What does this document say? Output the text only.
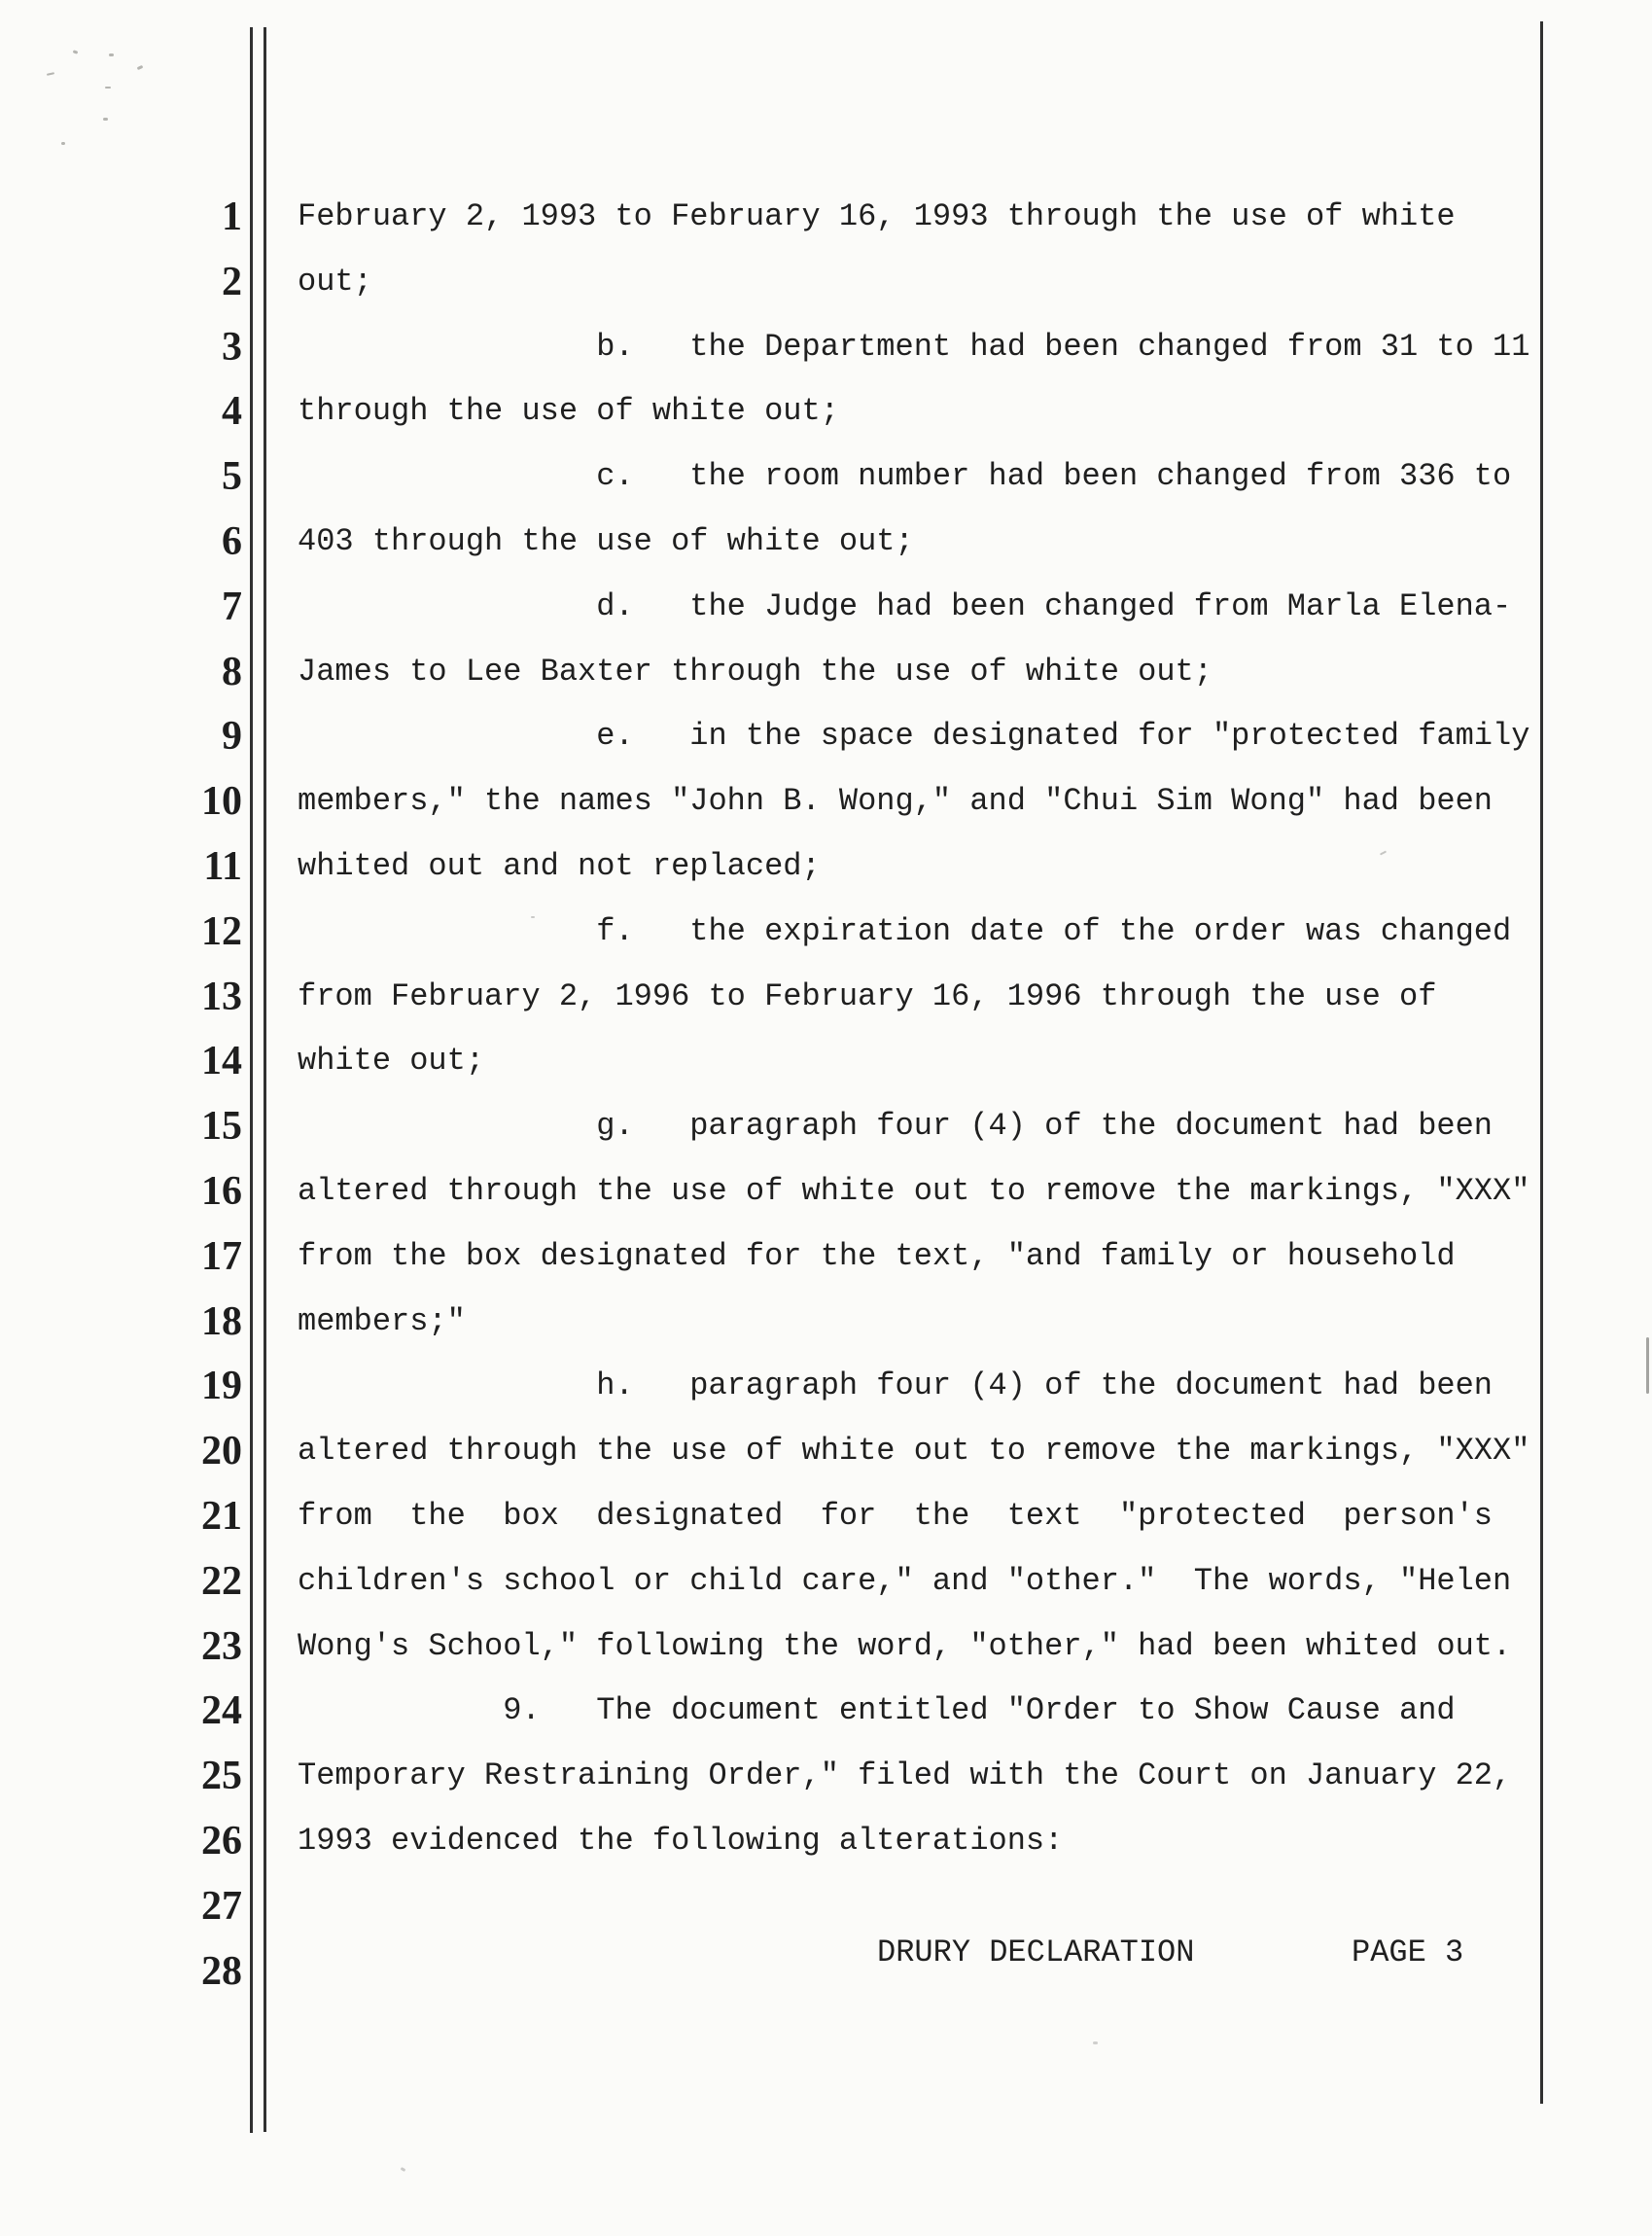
1
2
3
4
5
6
7
8
9
10
11
12
13
14
15
16
17
18
19
20
21
22
23
24
25
26
27
28
February 2, 1993 to February 16, 1993 through the use of white
out;
b.   the Department had been changed from 31 to 11
through the use of white out;
c.   the room number had been changed from 336 to
403 through the use of white out;
d.   the Judge had been changed from Marla Elena-
James to Lee Baxter through the use of white out;
e.   in the space designated for "protected family
members," the names "John B. Wong," and "Chui Sim Wong" had been
whited out and not replaced;
f.   the expiration date of the order was changed
from February 2, 1996 to February 16, 1996 through the use of
white out;
g.   paragraph four (4) of the document had been
altered through the use of white out to remove the markings, "XXX"
from the box designated for the text, "and family or household
members;"
h.   paragraph four (4) of the document had been
altered through the use of white out to remove the markings, "XXX"
from  the  box  designated  for  the  text  "protected  person's
children's school or child care," and "other."  The words, "Helen
Wong's School," following the word, "other," had been whited out.
9.   The document entitled "Order to Show Cause and
Temporary Restraining Order," filed with the Court on January 22,
1993 evidenced the following alterations:
DRURY DECLARATION	PAGE 3
